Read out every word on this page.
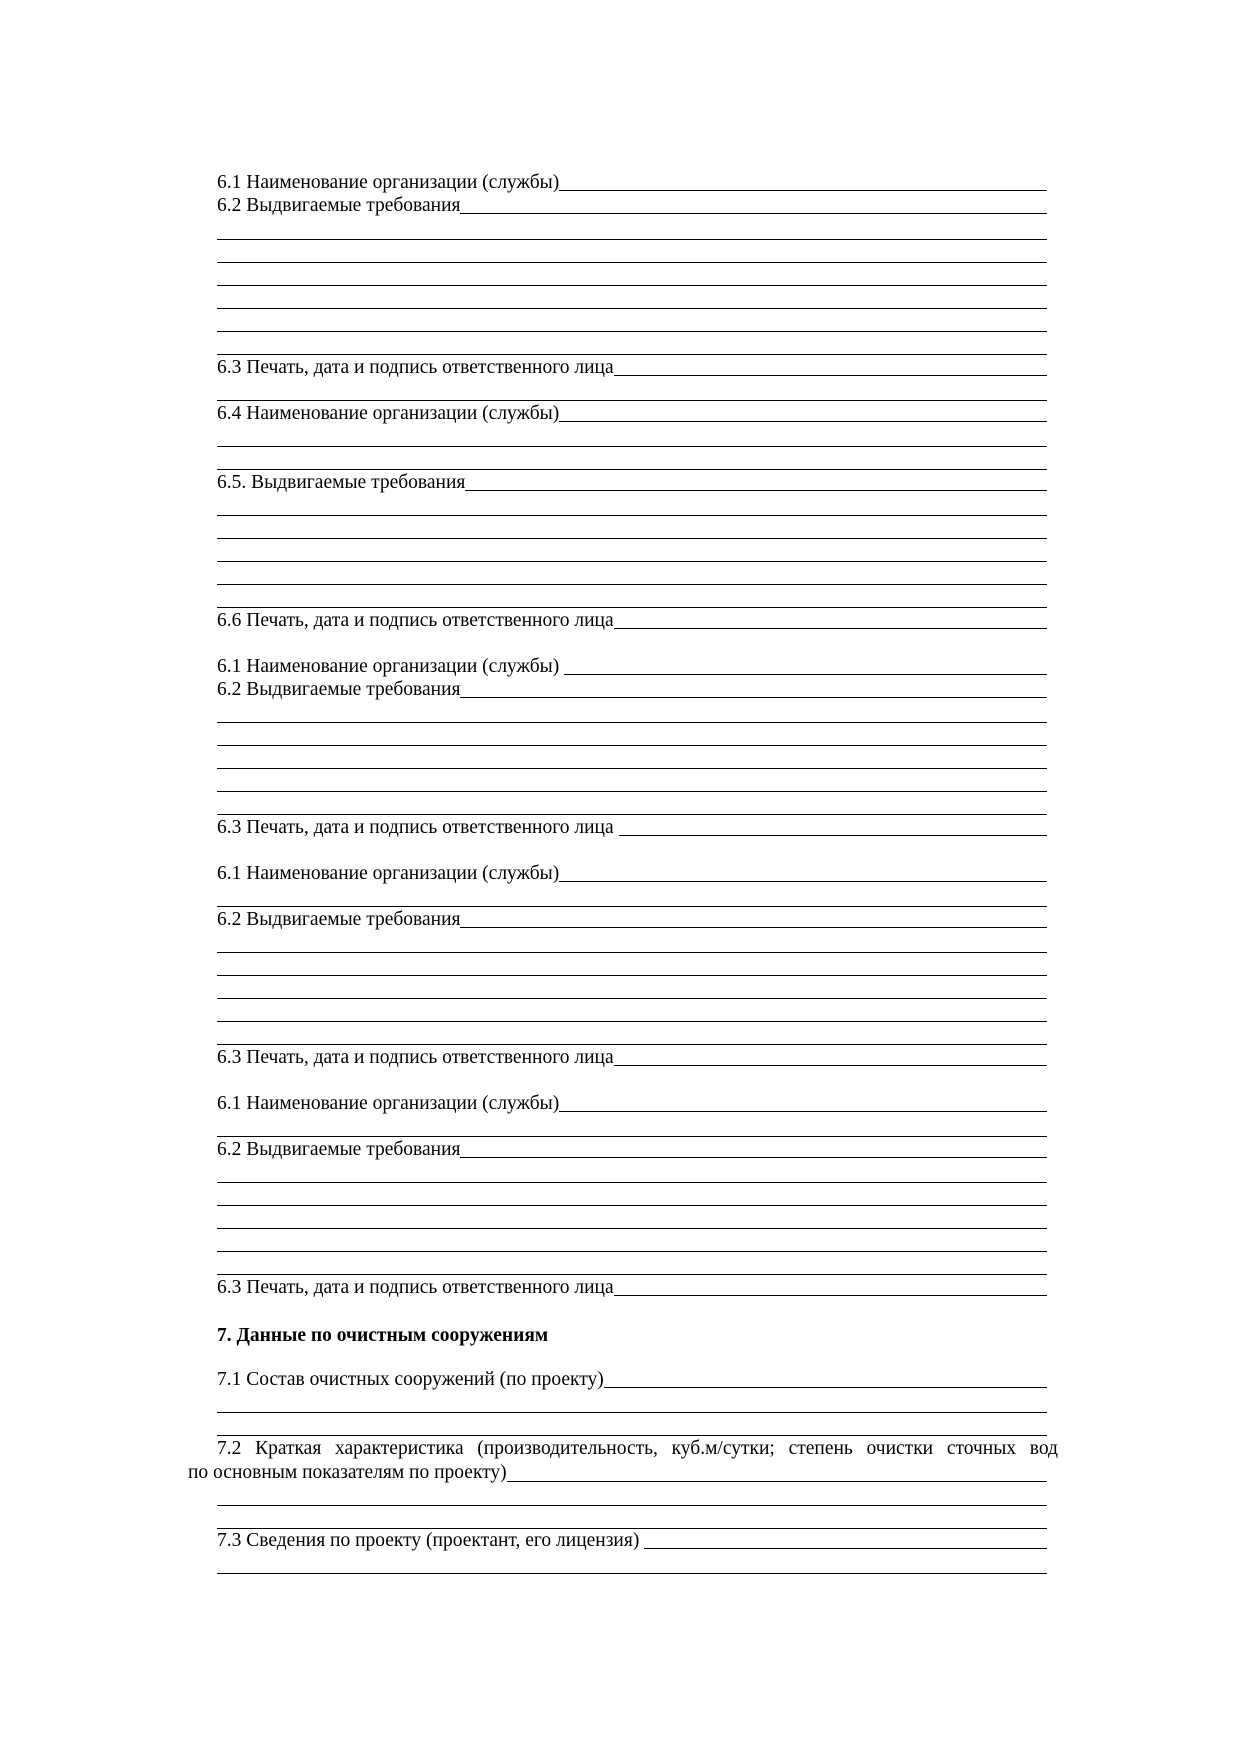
6.1 Наименование организации (службы)
6.2 Выдвигаемые требования
6.3 Печать, дата и подпись ответственного лица
6.4 Наименование организации (службы)
6.5. Выдвигаемые требования
6.6 Печать, дата и подпись ответственного лица
6.1 Наименование организации (службы)
6.2 Выдвигаемые требования
6.3 Печать, дата и подпись ответственного лица
6.1 Наименование организации (службы)
6.2 Выдвигаемые требования
6.3 Печать, дата и подпись ответственного лица
6.1 Наименование организации (службы)
6.2 Выдвигаемые требования
6.3 Печать, дата и подпись ответственного лица
7. Данные по очистным сооружениям
7.1 Состав очистных сооружений (по проекту)
7.2 Краткая характеристика (производительность, куб.м/сутки; степень очистки сточных вод
по основным показателям по проекту)
7.3 Сведения по проекту (проектант, его лицензия)
